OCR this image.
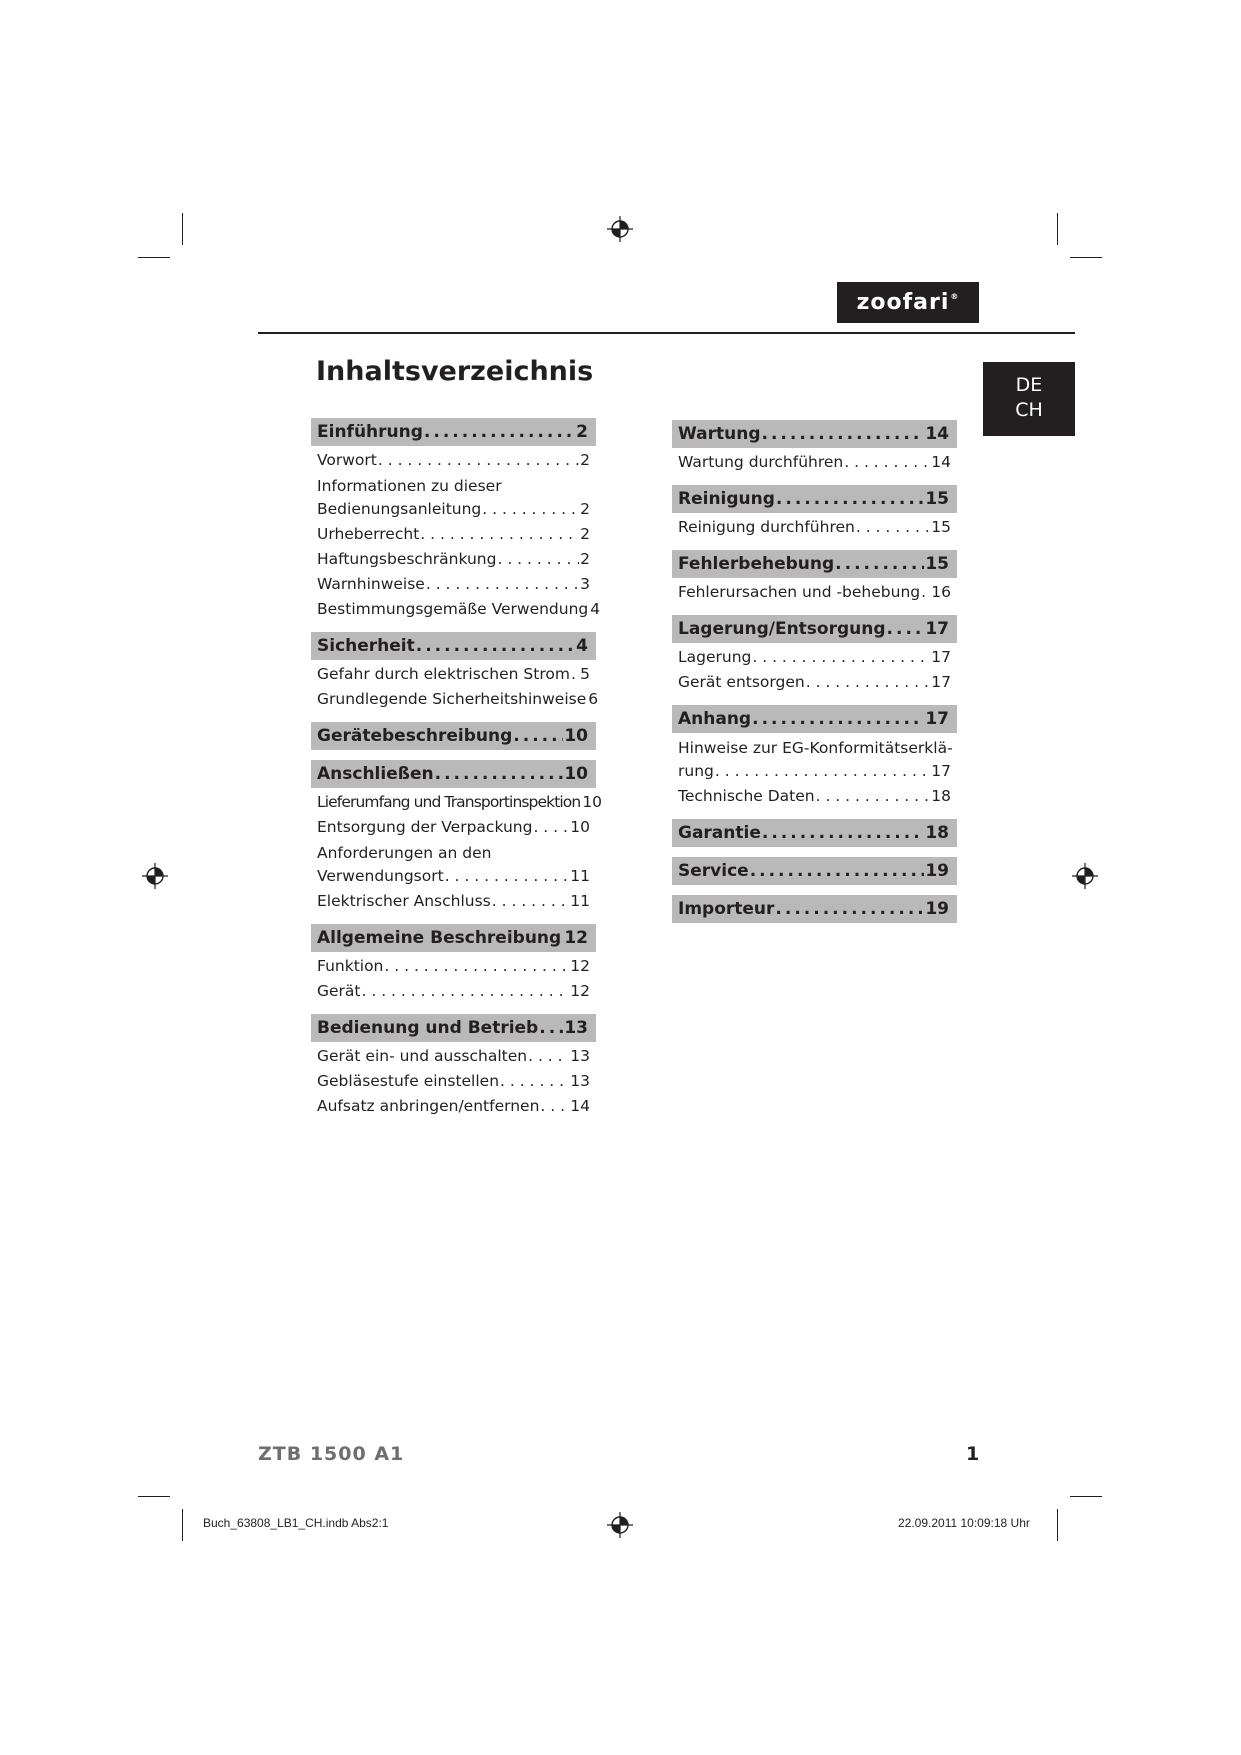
zoofari®
DE
CH
Inhaltsverzeichnis
Einführung .....	2
Vorwort . . .	2
Informationen zu dieser
Bedienungsanleitung . . .	2
Urheberrecht . . .	2
Haftungsbeschränkung . . .	2
Warnhinweise . . .	3
Bestimmungsgemäße Verwendung 4
Sicherheit .....	4
Gefahr durch elektrischen Strom . . . 5
Grundlegende Sicherheitshinweise 6
Gerätebeschreibung .....	10
Anschließen .....	10
Lieferumfang und Transportinspektion 10
Entsorgung der Verpackung . . . 10
Anforderungen an den
Verwendungsort . . .	11
Elektrischer Anschluss . . .	11
Allgemeine Beschreibung ..... 12
Funktion . . .	12
Gerät . . .	12
Bedienung und Betrieb ..... 13
Gerät ein- und ausschalten . . .	13
Gebläsestufe einstellen . . .	13
Aufsatz anbringen/entfernen . . . 14
Wartung .....	14
Wartung durchführen . . .	14
Reinigung .....	15
Reinigung durchführen . . .	15
Fehlerbehebung .....	15
Fehlerursachen und -behebung . . . 16
Lagerung/Entsorgung ..... 17
Lagerung . . .	17
Gerät entsorgen . . .	17
Anhang .....	17
Hinweise zur EG-Konformitätserklä-
rung . . .	17
Technische Daten . . .	18
Garantie .....	18
Service .....	19
Importeur .....	19
ZTB 1500 A1	1
Buch_63808_LB1_CH.indb Abs2:1	22.09.2011 10:09:18 Uhr
